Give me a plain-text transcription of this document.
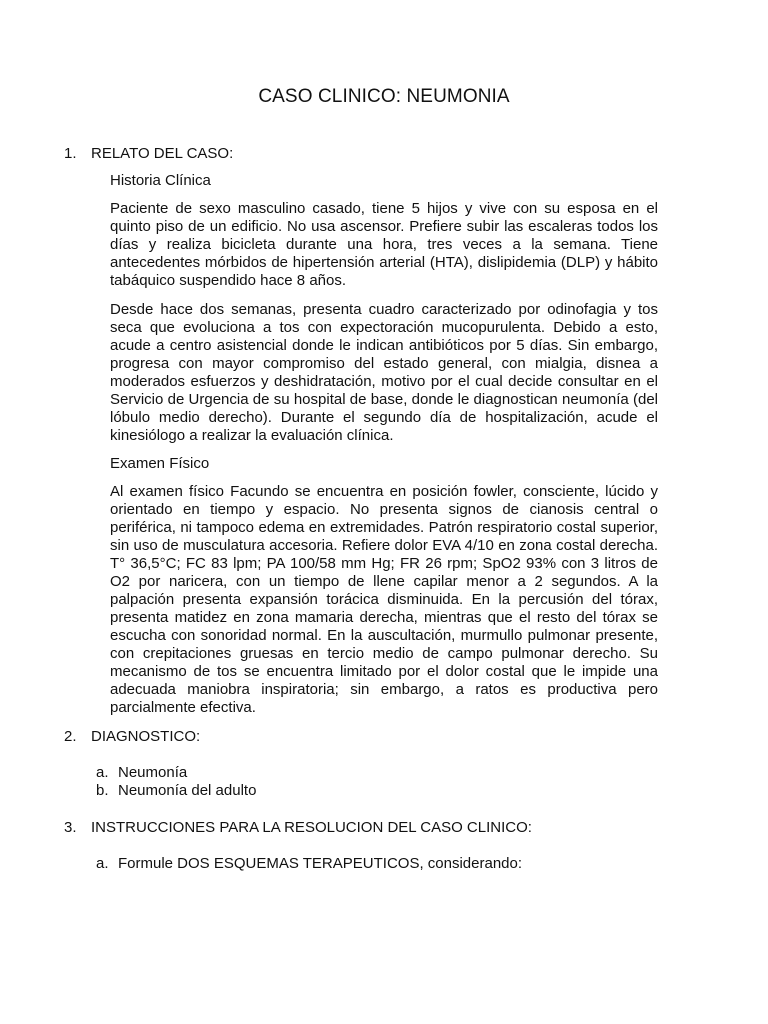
CASO CLINICO: NEUMONIA
1. RELATO DEL CASO:
Historia Clínica
Paciente de sexo masculino casado, tiene 5 hijos y vive con su esposa en el quinto piso de un edificio. No usa ascensor. Prefiere subir las escaleras todos los días y realiza bicicleta durante una hora, tres veces a la semana. Tiene antecedentes mórbidos de hipertensión arterial (HTA), dislipidemia (DLP) y hábito tabáquico suspendido hace 8 años.
Desde hace dos semanas, presenta cuadro caracterizado por odinofagia y tos seca que evoluciona a tos con expectoración mucopurulenta. Debido a esto, acude a centro asistencial donde le indican antibióticos por 5 días. Sin embargo, progresa con mayor compromiso del estado general, con mialgia, disnea a moderados esfuerzos y deshidratación, motivo por el cual decide consultar en el Servicio de Urgencia de su hospital de base, donde le diagnostican neumonía (del lóbulo medio derecho). Durante el segundo día de hospitalización, acude el kinesiólogo a realizar la evaluación clínica.
Examen Físico
Al examen físico Facundo se encuentra en posición fowler, consciente, lúcido y orientado en tiempo y espacio. No presenta signos de cianosis central o periférica, ni tampoco edema en extremidades. Patrón respiratorio costal superior, sin uso de musculatura accesoria. Refiere dolor EVA 4/10 en zona costal derecha. T° 36,5°C; FC 83 lpm; PA 100/58 mm Hg; FR 26 rpm; SpO2 93% con 3 litros de O2 por naricera, con un tiempo de llene capilar menor a 2 segundos. A la palpación presenta expansión torácica disminuida. En la percusión del tórax, presenta matidez en zona mamaria derecha, mientras que el resto del tórax se escucha con sonoridad normal. En la auscultación, murmullo pulmonar presente, con crepitaciones gruesas en tercio medio de campo pulmonar derecho. Su mecanismo de tos se encuentra limitado por el dolor costal que le impide una adecuada maniobra inspiratoria; sin embargo, a ratos es productiva pero parcialmente efectiva.
2. DIAGNOSTICO:
a. Neumonía
b. Neumonía del adulto
3. INSTRUCCIONES PARA LA RESOLUCION DEL CASO CLINICO:
a. Formule DOS ESQUEMAS TERAPEUTICOS, considerando:
